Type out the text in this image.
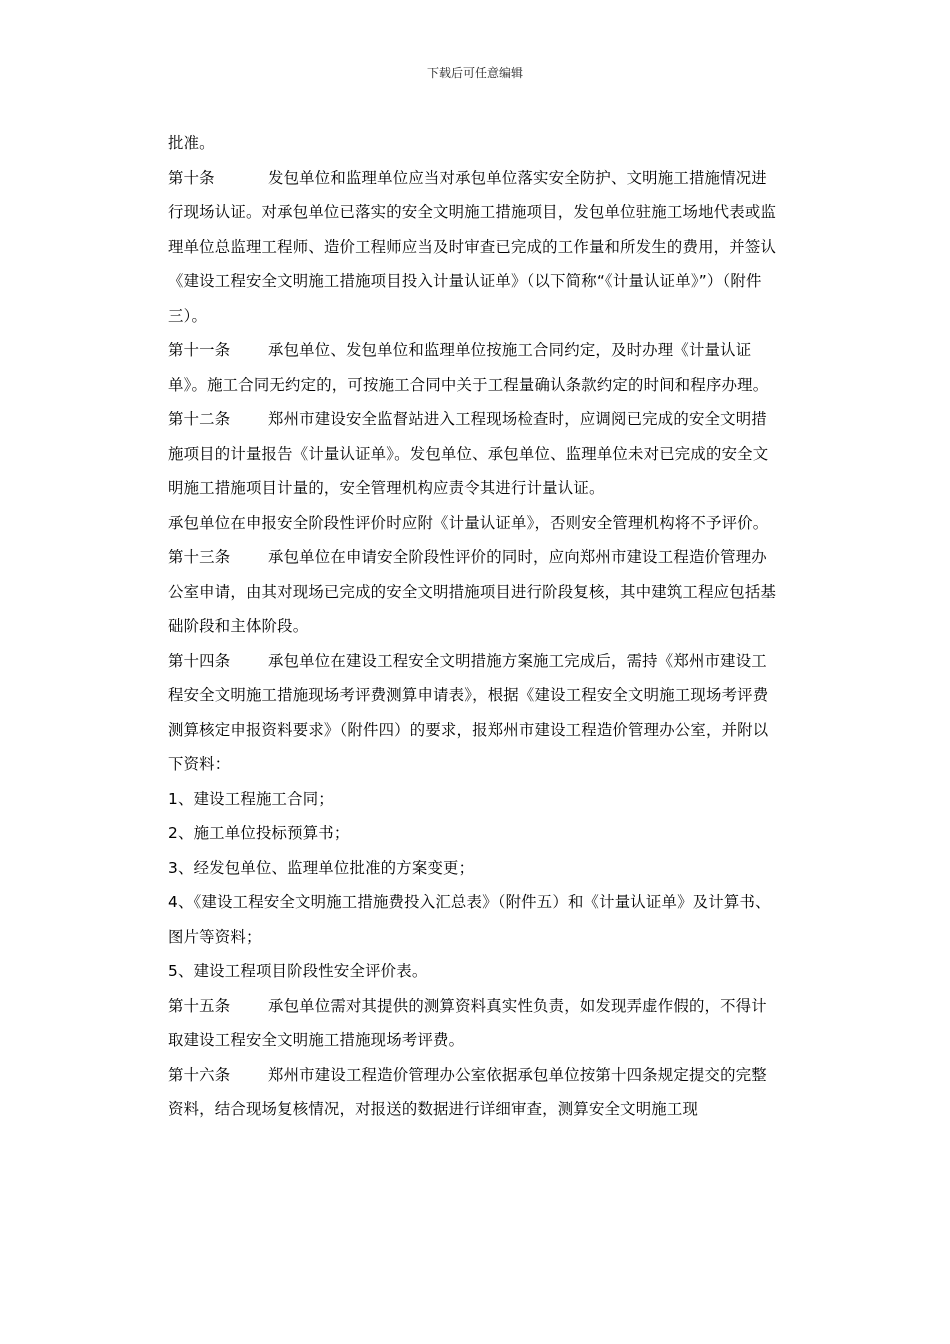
下载后可任意编辑

批准。

第十条	发包单位和监理单位应当对承包单位落实安全防护、文明施工措施情况进行现场认证。对承包单位已落实的安全文明施工措施项目，发包单位驻施工场地代表或监理单位总监理工程师、造价工程师应当及时审查已完成的工作量和所发生的费用，并签认《建设工程安全文明施工措施项目投入计量认证单》（以下简称“《计量认证单》”）（附件三）。

第十一条 承包单位、发包单位和监理单位按施工合同约定，及时办理《计量认证单》。施工合同无约定的，可按施工合同中关于工程量确认条款约定的时间和程序办理。

第十二条 郑州市建设安全监督站进入工程现场检查时，应调阅已完成的安全文明措施项目的计量报告《计量认证单》。发包单位、承包单位、监理单位未对已完成的安全文明施工措施项目计量的，安全管理机构应责令其进行计量认证。

承包单位在申报安全阶段性评价时应附《计量认证单》，否则安全管理机构将不予评价。

第十三条 承包单位在申请安全阶段性评价的同时，应向郑州市建设工程造价管理办公室申请，由其对现场已完成的安全文明措施项目进行阶段复核，其中建筑工程应包括基础阶段和主体阶段。

第十四条 承包单位在建设工程安全文明措施方案施工完成后，需持《郑州市建设工程安全文明施工措施现场考评费测算申请表》，根据《建设工程安全文明施工现场考评费测算核定申报资料要求》（附件四）的要求，报郑州市建设工程造价管理办公室，并附以下资料：

1、建设工程施工合同；

2、施工单位投标预算书；

3、经发包单位、监理单位批准的方案变更；

4、《建设工程安全文明施工措施费投入汇总表》（附件五）和《计量认证单》及计算书、图片等资料；

5、建设工程项目阶段性安全评价表。

第十五条 承包单位需对其提供的测算资料真实性负责，如发现弄虚作假的，不得计取建设工程安全文明施工措施现场考评费。

第十六条 郑州市建设工程造价管理办公室依据承包单位按第十四条规定提交的完整资料，结合现场复核情况，对报送的数据进行详细审查，测算安全文明施工现
